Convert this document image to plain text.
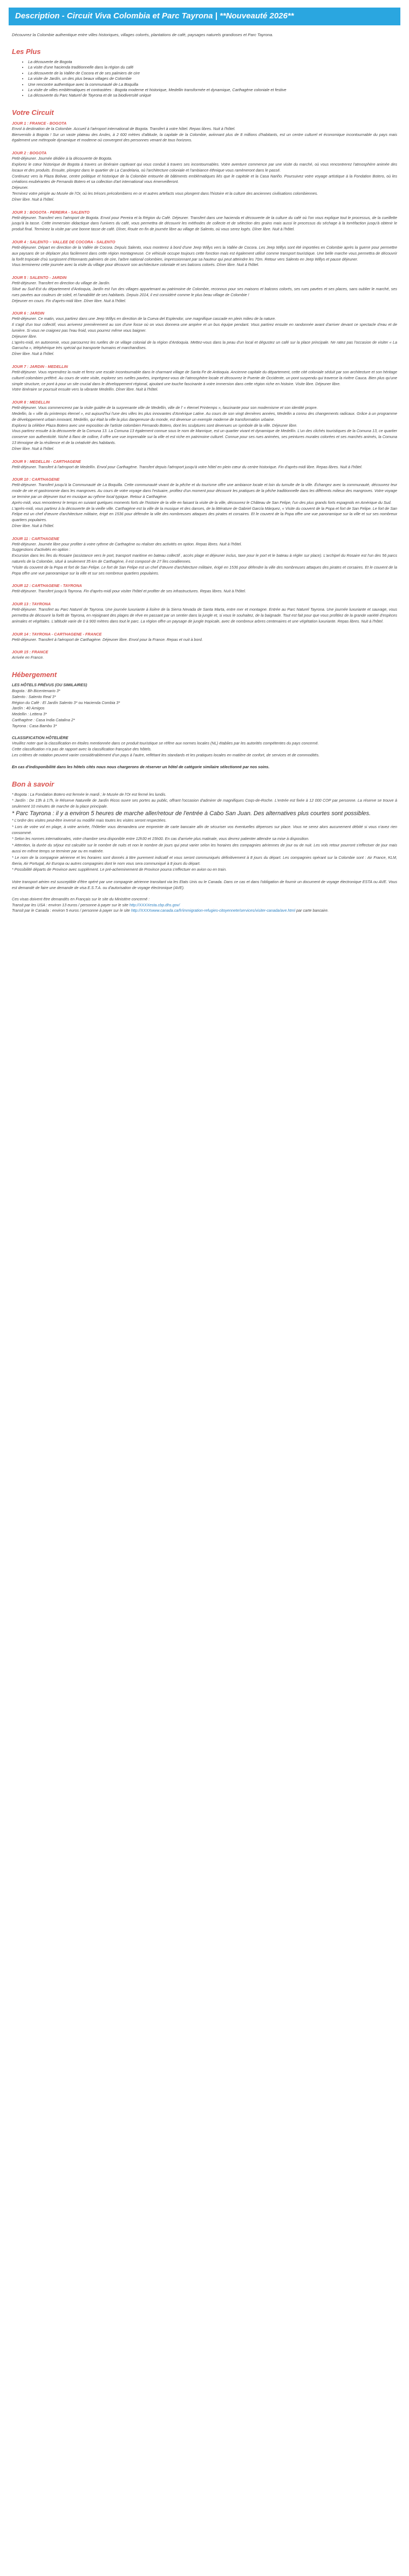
Description - Circuit Viva Colombia et Parc Tayrona | **Nouveauté 2026**

Découvrez la Colombie authentique entre villes historiques, villages colorés, plantations de café, paysages naturels grandioses et Parc Tayrona.

Les Plus
• La découverte de Bogota
• La visite d'une hacienda traditionnelle dans la région du café
• La découverte de la Vallée de Cocora et de ses palmiers de cire
• La visite de Jardín, un des plus beaux villages de Colombie
• Une rencontre authentique avec la communauté de La Boquilla
• La visite de villes emblématiques et contrastées : Bogota moderne et historique, Medellin transformée et dynamique, Carthagène coloniale et festive
• La découverte du Parc Naturel de Tayrona et de sa biodiversité unique
Votre Circuit
JOUR 1 : FRANCE - BOGOTA
Envol à destination de la Colombie. Accueil à l'aéroport international de Bogota. Transfert à votre hôtel. Repas libres. Nuit à l'hôtel.
Bienvenido à Bogota ! Sur un vaste plateau des Andes, à 2 600 mètres d'altitude, la capitale de la Colombie, aviinnant plus de 8 millions d'habitants, est un centre culturel et économique incontournable du pays mais également une métropole dynamique et moderne où convergent des personnes venant de tous horizons.
JOUR 2 : BOGOTA
Petit-déjeuner. Journée dédiée à la découverte de Bogota.
Explorez le cœur historique de Bogota à travers un itinéraire captivant qui vous conduit à travers ses incontournables. Votre aventure commence par une visite du marché, où vous rencontrerez l'atmosphère animée des locaux et des produits. Ensuite, plongez dans le quartier de La Candelaria, où l'architecture coloniale et l'ambiance éthnique vous ramèneront dans le passé.
Continuez vers la Plaza Bolivar, centre politique et historique de la Colombie entourée de bâtiments emblématiques liés que le capitole et la Casa Nariño. Poursuivez votre voyage artistique à la Fondation Botero, où les créations exubérantes de Fernando Botero et sa collection d'art international vous émerveilleront.
Déjeuner.
Terminez votre périple au Musée de l'Or, où les trésors précolombiens en or et autres artefacts vous plongent dans l'histoire et la culture des anciennes civilisations colombiennes.
Dîner libre. Nuit à l'hôtel.
JOUR 3 : BOGOTA - PEREIRA - SALENTO
Petit-déjeuner. Transfert vers l'aéroport de Bogota. Envol pour Pereira et la Région du Café. Déjeuner. Transfert dans une hacienda et découverte de la culture du café où l'on vous explique tout le processus, de la cueillette jusqu'à la tasse. Cette immersion didactique dans l'univers du café, vous permettra de découvrir les méthodes de collecte et de sélection des grains mais aussi le processus du séchage à la torréfaction jusqu'à obtenir le produit final. Terminez la visite par une bonne tasse de café. Dîner, Route en fin de journée libre au village de Salento, où vous serez logés. Dîner libre. Nuit à l'hôtel.
JOUR 4 : SALENTO – VALLEE DE COCORA - SALENTO
Petit-déjeuner. Départ en direction de la Vallée de Cocora. Depuis Salento, vous monterez à bord d'une Jeep Willys vers la Vallée de Cocora. Les Jeep Willys sont été importées en Colombie après la guerre pour permettre aux paysans de se déplacer plus facilement dans cette région montagneuse. Ce véhicule occupe toujours cette fonction mais est également utilisé comme transport touristique. Une belle marche vous permettra de découvrir la forêt tropicale d'où surgissent d'étonnants palmiers de cire, l'arbre national colombien, impressionnant par sa hauteur qui peut atteindre les 70m. Retour vers Salento en Jeep Willys et pause déjeuner.
Vous terminerez cette journée avec la visite du village pour découvrir son architecture coloniale et ses balcons colorés. Dîner libre. Nuit à l'hôtel.
JOUR 5 : SALENTO - JARDIN
Petit-déjeuner. Transfert en direction du village de Jardín.
Situé au Sud-Est du département d'Antioquia, Jardín est l'un des villages appartenant au patrimoine de Colombie, reconnus pour ses maisons et balcons colorés, ses rues pavées et ses places, sans oublier le marché, ses rues pavées aux couleurs de soleil, et l'amabilité de ses habitants. Depuis 2014, il est considéré comme le plus beau village de Colombie !
Déjeuner en cours. Fin d'après-midi libre. Dîner libre. Nuit à l'hôtel.
JOUR 6 : JARDIN
Petit-déjeuner. Ce matin, vous partirez dans une Jeep Willys en direction de la Cueva del Esplendor, une magnifique cascade en plein milieu de la nature.
Il s'agit d'un tour collectif, vous arriverez premièrement au son d'une fosse où on vous donnera une ampère et un bus équipe pendant. Vous partirez ensuite en randonnée avant d'arriver devant ce spectacle d'eau et de lumière. Si vous ne craignez pas l'eau froid, vous pourrez même vous baigner.
Déjeuner libre.
L'après-midi, en autonomie, vous parcourrez les ruelles de ce village colonial de la région d'Antioquia. Mettez-vous dans la peau d'un local et dégustez un café sur la place principale. Ne ratez pas l'occasion de visiter « La Garrucha », téléphérique très spécial qui transporte humains et marchandises.
Dîner libre. Nuit à l'hôtel.
JOUR 7 : JARDIN - MEDELLIN
Petit-déjeuner. Vous reprendrez la route et ferez une escale incontournable dans le charmant village de Santa Fe de Antioquia. Ancienne capitale du département, cette cité coloniale séduit par son architecture et son héritage culturel colombien préféré. Au cours de votre visite, explorez ses ruelles pavées, imprégnez-vous de l'atmosphère locale et découvrez le Puente de Occidente, un pont suspendu qui traverse la rivière Cauca. Bien plus qu'une simple structure, ce pont à pour un site crucial dans le développement régional, ajoutant une touche fascinante à votre immersion dans cette région riche en histoire. Visite libre. Déjeuner libre.
Votre itinéraire se poursuit ensuite vers la vibrante Medellín. Dîner libre. Nuit à l'hôtel.
JOUR 8 : MEDELLIN
Petit-déjeuner. Vous commencerez par la visite guidée de la surprenante ville de Medellín, ville de l' « éternel Printemps », fascinante pour son modernisme et son identité propre.
Medellin, la « ville du printemps éternel », est aujourd'hui l'une des villes les plus innovantes d'Amérique Latine. Au cours de son vingt dernières années, Medellin a connu des changements radicaux. Grâce à un programme de développement urbain innovant, Medellin, qui était la ville la plus dangereuse du monde, est devenue un exemple moderne de transformation urbaine.
Explorez la célèbre Plaza Botero avec une exposition de l'artiste colombien Fernando Botero, dont les sculptures sont devenues un symbole de la ville. Déjeuner libre.
Vous partirez ensuite à la découverte de la Comuna 13. La Comuna 13 également connue sous le nom de Manrique, est un quartier vivant et dynamique de Medellín. L'un des clichés touristiques de la Comuna 13, ce quartier conserve son authenticité. Niché à flanc de colline, il offre une vue imprenable sur la ville et est riche en patrimoine culturel. Connue pour ses rues animées, ses peintures murales colorées et ses marchés animés, la Comuna 13 témoigne de la résilience et de la créativité des habitants.
Dîner libre. Nuit à l'hôtel.
JOUR 9 : MEDELLIN - CARTHAGENE
Petit-déjeuner. Transfert à l'aéroport de Medellín. Envol pour Carthagène. Transfert depuis l'aéroport jusqu'à votre hôtel en plein cœur du centre historique. Fin d'après-midi libre. Repas libres. Nuit à l'hôtel.
JOUR 10 : CARTHAGENE
Petit-déjeuner. Transfert jusqu'à la Communauté de La Boquilla. Cette communauté vivant de la pêche et du tourisme offre une ambiance locale et loin du tumulte de la ville. Échangez avec la communauté, découvrez leur mode de vie et gastronomie dans les mangroves. Au cours de votre voyage dans l'estuaire, profitez d'un moment pour découvrir les pratiques de la pêche traditionnelle dans les différents milieux des mangroves. Votre voyage se termine par un déjeuner tout en musique au rythme local typique. Retour à Carthagène.
Après-midi, vous remonterez le temps en suivant quelques moments forts de l'histoire de la ville en faisant la visite de la ville, découvrez le Château de San Felipe, l'un des plus grands forts espagnols en Amérique du Sud.
L'après-midi, vous partirez à la découverte de la vieille ville. Carthagène est la ville de la musique et des danses, de la littérature de Gabriel García Márquez, « Visite du couvent de la Popa et fort de San Felipe. Le fort de San Felipe est un chef d'œuvre d'architecture militaire, érigé en 1536 pour défendre la ville des nombreuses attaques des pirates et corsaires. Et le couvent de la Popa offre une vue panoramique sur la ville et sur ses nombreux quartiers populaires.
Dîner libre. Nuit à l'hôtel.
JOUR 11 : CARTHAGENE
Petit-déjeuner. Journée libre pour profiter à votre rythme de Carthagène ou réaliser des activités en option. Repas libres. Nuit à l'hôtel.
Suggestions d'activités en option :
Excursion dans les îles du Rosaire (assistance vers le port, transport maritime en bateau collectif , accès plage et déjeuner inclus, taxe pour le port et le bateau à régler sur place). L'archipel du Rosaire est l'un des 56 parcs naturels de la Colombie, situé à seulement 35 km de Carthagène, il est composé de 27 îles coralliennes.
*Visite du couvent de la Popa et fort de San Felipe. Le fort de San Felipe est un chef d'œuvre d'architecture militaire, érigé en 1536 pour défendre la ville des nombreuses attaques des pirates et corsaires. Et le couvent de la Popa offre une vue panoramique sur la ville et sur ses nombreux quartiers populaires.
JOUR 12 : CARTHAGENE - TAYRONA
Petit-déjeuner. Transfert jusqu'à Tayrona. Fin d'après-midi pour visiter l'hôtel et profiter de ses infrastructures. Repas libres. Nuit à l'hôtel.
JOUR 13 : TAYRONA
Petit-déjeuner. Transfert au Parc Naturel de Tayrona. Une journée luxuriante à lisière de la Sierra Nevada de Santa Marta, entre mer et montagne. Entrée au Parc Naturel Tayrona. Une journée luxuriante et sauvage, vous permettra de découvrir la forêt de Tayrona, en rejoignant des plages de rêve en passant par un sentier dans la jungle et, si vous le souhaitez, de la baignade. Tout est fait pour que vous profitiez de la grande variété d'espèces animales et végétales. L'altitude varie de 0 à 900 mètres dans tout le parc. La région offre un paysage de jungle tropicale, avec de nombreux arbres centenaires et une végétation luxuriante. Repas libres. Nuit à l'hôtel.
JOUR 14 : TAYRONA - CARTHAGENE - FRANCE
Petit-déjeuner. Transfert à l'aéroport de Carthagène. Déjeuner libre. Envol pour la France. Repas et nuit à bord.
JOUR 15 : FRANCE
Arrivée en France.
Hébergement
LES HÔTELS PRÉVUS (OU SIMILAIRES)
Bogota : Bh Bicentenario 3*
Salento : Salento Real 3*
Région du Café : El Jardín Salento 3* ou Hacienda Combia 3*
Jardín : 40 Amigos
Medellin : Lettera 3*
Carthagène : Casa India Catalina 2*
Tayrona : Casa Bambu 3*
CLASSIFICATION HÔTELIÈRE
Veuillez noter que la classification en étoiles mentionnée dans ce produit touristique se réfère aux normes locales (NL) établies par les autorités compétentes du pays concerné.
Cette classification n'a pas de rapport avec la classification française des hôtels.
Les critères de notation peuvent varier considérablement d'un pays à l'autre, reflétant les standards et les pratiques locales en matière de confort, de services et de commodités.
En cas d'indisponibilité dans les hôtels cités nous nous chargerons de réserver un hôtel de catégorie similaire sélectionné par nos soins.
Bon à savoir

* Bogota : La Fondation Botero est fermée le mardi ; le Musée de l'Or est fermé les lundis.

* Jardín : De 13h à 17h, le Réserve Naturelle de Jardín Ricos ouvre ses portes au public, offrant l'occasion d'admirer de magnifiques Coqs-de-Roche. L'entrée est fixée à 12 000 COP par personne. La réserve se trouve à seulement 10 minutes de marche de la place principale.

* Parc Tayrona : il y a environ 5 heures de marche aller/retour de l'entrée à Cabo San Juan. Des alternatives plus courtes sont possibles.

* L'ordre des visites peut-être inversé ou modifié mais toutes les visites seront respectées.

* Lors de votre vol en plage, à votre arrivée, l'hôtelier vous demandera une empreinte de carte bancaire afin de sécuriser vos éventuelles dépenses sur place. Vous ne serez alors aucunement débité si vous n'avez rien consommé.

* Selon les normes internationales, votre chambre sera disponible entre 12h30 et 15h00. En cas d'arrivée plus matinale, vous devrez patienter attendre sa mise à disposition.

* Attention, la durée du séjour est calculée sur le nombre de nuits et non le nombre de jours qui peut varier selon les horaires des compagnies aériennes de jour ou de nuit. Les vols retour pourront s'effectuer de jour mais aussi en même temps se terminer par ou en matinée.

* Le nom de la compagnie aérienne et les horaires sont donnés à titre purement indicatif et vous seront communiqués définitivement à 8 jours du départ. Les compagnies opérant sur la Colombie sont : Air France, KLM, Iberia, Air Portugal, Air Europa ou autres compagnies dont le nom vous sera communiqué à 8 jours du départ.

* Possibilité départs de Province avec supplément. Le pré-acheminement de Province pourra s'effectuer en avion ou en train.

Votre transport aérien est susceptible d'être opéré par une compagnie aérienne transitant via les Etats Unis ou le Canada. Dans ce cas et dans l'obligation de fournir un document de voyage électronique ESTA ou AVE. Vous est demandé de faire une demande de visa E.S.T.A. ou d'autorisation de voyage électronique (AVE).

Ces visas doivent être demandés en Français sur le site du Ministère concerné :

Transit par les USA : environ 13 euros / personne à payer sur le site http://XXXXesta.cbp.dhs.gov/

Transit par le Canada : environ 5 euros / personne à payer sur le site http://XXXXwww.canada.ca/fr/immigration-refugies-citoyennete/services/visiter-canada/ave.html par carte bancaire.
